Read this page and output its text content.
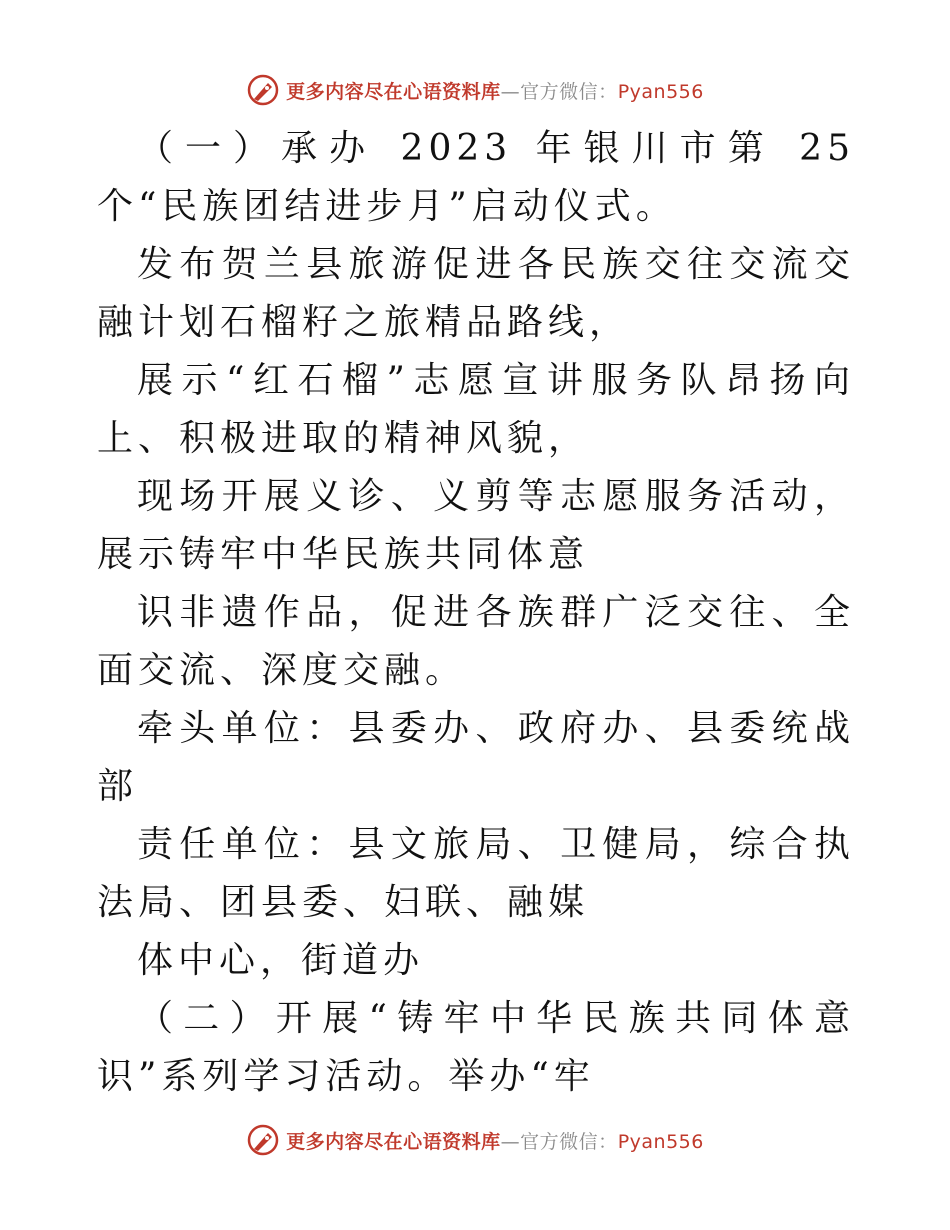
更多内容尽在心语资料库—官方微信：Pyan556

（一）承办 2023 年银川市第 25 个“民族团结进步月”启动仪式。

发布贺兰县旅游促进各民族交往交流交融计划石榴籽之旅精品路线，

展示“红石榴”志愿宣讲服务队昂扬向上、积极进取的精神风貌，

现场开展义诊、义剪等志愿服务活动，展示铸牢中华民族共同体意

识非遗作品，促进各族群广泛交往、全面交流、深度交融。

牵头单位：县委办、政府办、县委统战部

责任单位：县文旅局、卫健局，综合执法局、团县委、妇联、融媒

体中心，街道办

（二）开展“铸牢中华民族共同体意识”系列学习活动。举办“牢

更多内容尽在心语资料库—官方微信：Pyan556
